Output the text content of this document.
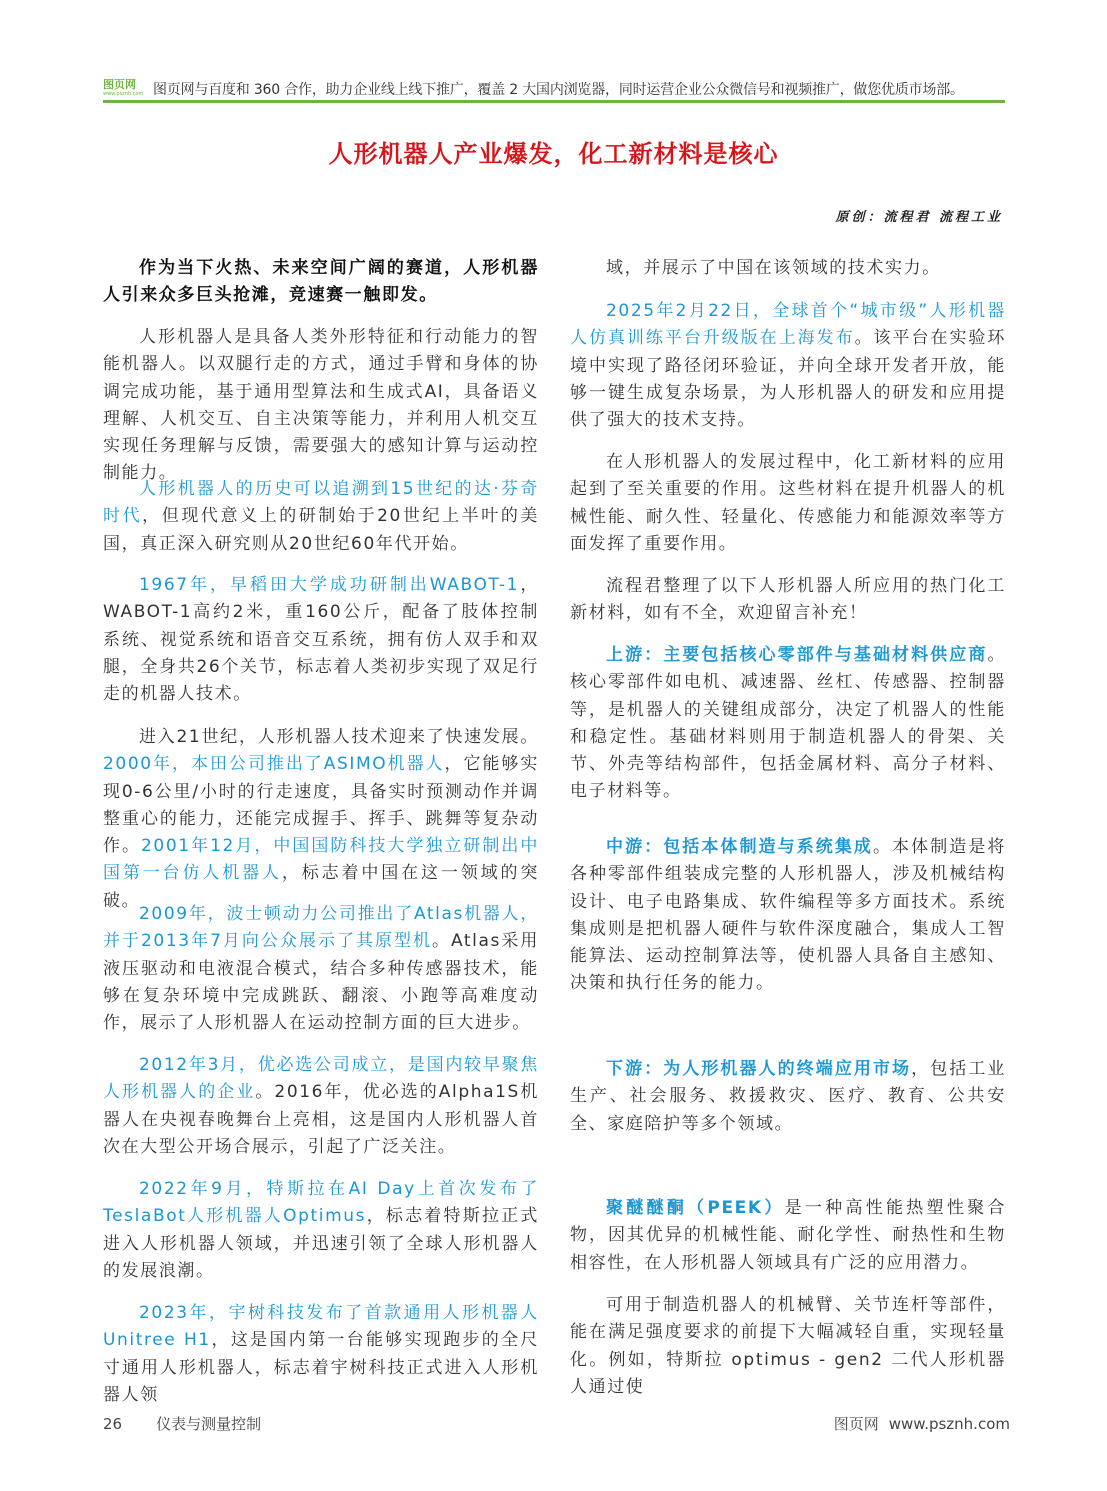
图页网
www.psznh.com 图页网与百度和 360 合作，助力企业线上线下推广，覆盖 2 大国内浏览器，同时运营企业公众微信号和视频推广，做您优质市场部。
人形机器人产业爆发，化工新材料是核心
原创：流程君 流程工业

作为当下火热、未来空间广阔的赛道，人形机器人引来众多巨头抢滩，竞速赛一触即发。

人形机器人是具备人类外形特征和行动能力的智能机器人。以双腿行走的方式，通过手臂和身体的协调完成功能，基于通用型算法和生成式AI，具备语义理解、人机交互、自主决策等能力，并利用人机交互实现任务理解与反馈，需要强大的感知计算与运动控制能力。

人形机器人的历史可以追溯到15世纪的达·芬奇时代，但现代意义上的研制始于20世纪上半叶的美国，真正深入研究则从20世纪60年代开始。

1967年，早稻田大学成功研制出WABOT-1，WABOT-1高约2米，重160公斤，配备了肢体控制系统、视觉系统和语音交互系统，拥有仿人双手和双腿，全身共26个关节，标志着人类初步实现了双足行走的机器人技术。

进入21世纪，人形机器人技术迎来了快速发展。2000年，本田公司推出了ASIMO机器人，它能够实现0-6公里/小时的行走速度，具备实时预测动作并调整重心的能力，还能完成握手、挥手、跳舞等复杂动作。2001年12月，中国国防科技大学独立研制出中国第一台仿人机器人，标志着中国在这一领域的突破。

2009年，波士顿动力公司推出了Atlas机器人，并于2013年7月向公众展示了其原型机。Atlas采用液压驱动和电液混合模式，结合多种传感器技术，能够在复杂环境中完成跳跃、翻滚、小跑等高难度动作，展示了人形机器人在运动控制方面的巨大进步。

2012年3月，优必选公司成立，是国内较早聚焦人形机器人的企业。2016年，优必选的Alpha1S机器人在央视春晚舞台上亮相，这是国内人形机器人首次在大型公开场合展示，引起了广泛关注。

2022年9月，特斯拉在AI Day上首次发布了TeslaBot人形机器人Optimus，标志着特斯拉正式进入人形机器人领域，并迅速引领了全球人形机器人的发展浪潮。

2023年，宇树科技发布了首款通用人形机器人Unitree H1，这是国内第一台能够实现跑步的全尺寸通用人形机器人，标志着宇树科技正式进入人形机器人领

域，并展示了中国在该领域的技术实力。

2025年2月22日，全球首个“城市级”人形机器人仿真训练平台升级版在上海发布。该平台在实验环境中实现了路径闭环验证，并向全球开发者开放，能够一键生成复杂场景，为人形机器人的研发和应用提供了强大的技术支持。

在人形机器人的发展过程中，化工新材料的应用起到了至关重要的作用。这些材料在提升机器人的机械性能、耐久性、轻量化、传感能力和能源效率等方面发挥了重要作用。

流程君整理了以下人形机器人所应用的热门化工新材料，如有不全，欢迎留言补充！

上游：主要包括核心零部件与基础材料供应商。核心零部件如电机、减速器、丝杠、传感器、控制器等，是机器人的关键组成部分，决定了机器人的性能和稳定性。基础材料则用于制造机器人的骨架、关节、外壳等结构部件，包括金属材料、高分子材料、电子材料等。

中游：包括本体制造与系统集成。本体制造是将各种零部件组装成完整的人形机器人，涉及机械结构设计、电子电路集成、软件编程等多方面技术。系统集成则是把机器人硬件与软件深度融合，集成人工智能算法、运动控制算法等，使机器人具备自主感知、决策和执行任务的能力。

下游：为人形机器人的终端应用市场，包括工业生产、社会服务、救援救灾、医疗、教育、公共安全、家庭陪护等多个领域。

聚醚醚酮（PEEK）是一种高性能热塑性聚合物，因其优异的机械性能、耐化学性、耐热性和生物相容性，在人形机器人领域具有广泛的应用潜力。

可用于制造机器人的机械臂、关节连杆等部件，能在满足强度要求的前提下大幅减轻自重，实现轻量化。例如，特斯拉 optimus - gen2 二代人形机器人通过使

26 仪表与测量控制	图页网 www.psznh.com
